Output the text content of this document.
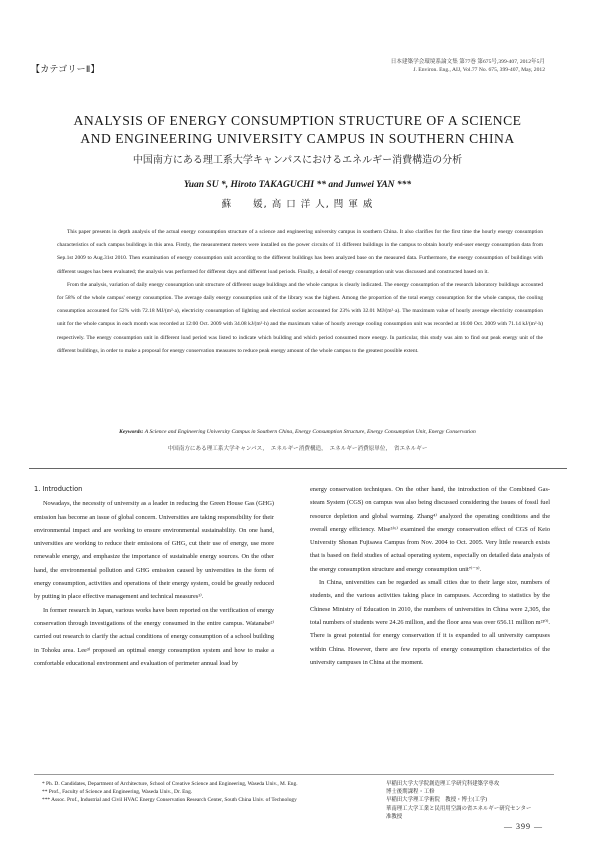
【カテゴリーⅡ】
日本建築学会環境系論文集 第77巻 第675号,399-407, 2012年5月
J. Environ. Eng., AIJ, Vol.77 No. 675, 399-407, May, 2012
ANALYSIS OF ENERGY CONSUMPTION STRUCTURE OF A SCIENCE
AND ENGINEERING UNIVERSITY CAMPUS IN SOUTHERN CHINA
中国南方にある理工系大学キャンパスにおけるエネルギー消費構造の分析
Yuan SU *, Hiroto TAKAGUCHI ** and Junwei YAN ***
蘇　　媛, 高 口 洋 人, 閆 軍 威

This paper presents in depth analysis of the actual energy consumption structure of a science and engineering university campus in southern China. It also clarifies for the first time the hourly energy consumption characteristics of such campus buildings in this area. Firstly, the measurement meters were installed on the power circuits of 11 different buildings in the campus to obtain hourly end-user energy consumption data from Sep.1st 2009 to Aug.31st 2010. Then examination of energy consumption unit according to the different buildings has been analyzed base on the measured data. Furthermore, the energy consumption of buildings with different usages has been evaluated; the analysis was performed for different days and different load periods. Finally, a detail of energy consumption unit was discussed and constructed based on it.

From the analysis, variation of daily energy consumption unit structure of different usage buildings and the whole campus is clearly indicated. The energy consumption of the research laboratory buildings accounted for 58% of the whole campus' energy consumption. The average daily energy consumption unit of the library was the highest. Among the proportion of the total energy consumption for the whole campus, the cooling consumption accounted for 52% with 72.18 MJ/(m²·a), electricity consumption of lighting and electrical socket accounted for 23% with 32.01 MJ/(m²·a). The maximum value of hourly average electricity consumption unit for the whole campus in each month was recorded at 12:00 Oct. 2009 with 34.08 kJ/(m²·h) and the maximum value of hourly average cooling consumption unit was recorded at 16:00 Oct. 2009 with 71.14 kJ/(m²·h) respectively. The energy consumption unit in different load period was listed to indicate which building and which period consumed more energy. In particular, this study was aim to find out peak energy unit of the different buildings, in order to make a proposal for energy conservation measures to reduce peak energy amount of the whole campus to the greatest possible extent.

Keywords: A Science and Engineering University Campus in Southern China, Energy Consumption Structure, Energy Consumption Unit, Energy Conservation
中国南方にある理工系大学キャンパス，　エネルギー消費構造，　エネルギー消費原単位，　省エネルギー
1. Introduction

Nowadays, the necessity of university as a leader in reducing the Green House Gas (GHG) emission has become an issue of global concern. Universities are taking responsibility for their environmental impact and are working to ensure environmental sustainability. On one hand, universities are working to reduce their emissions of GHG, cut their use of energy, use more renewable energy, and emphasize the importance of sustainable energy sources. On the other hand, the environmental pollution and GHG emission caused by universities in the form of energy consumption, activities and operations of their energy system, could be greatly reduced by putting in place effective management and technical measures¹⁾.

In former research in Japan, various works have been reported on the verification of energy conservation through investigations of the energy consumed in the entire campus. Watanabe²⁾ carried out research to clarify the actual conditions of energy consumption of a school building in Tohoku area. Lee³⁾ proposed an optimal energy consumption system and how to make a comfortable educational environment and evaluation of perimeter annual load by

energy conservation techniques. On the other hand, the introduction of the Combined Gas-steam System (CGS) on campus was also being discussed considering the issues of fossil fuel resource depletion and global warming. Zhang⁴⁾ analyzed the operating conditions and the overall energy efficiency. Mise⁵⁾⁶⁾ examined the energy conservation effect of CGS of Keio University Shonan Fujisawa Campus from Nov. 2004 to Oct. 2005. Very little research exists that is based on field studies of actual operating system, especially on detailed data analysis of the energy consumption structure and energy consumption unit⁷⁾⁻⁹⁾.

In China, universities can be regarded as small cities due to their large size, numbers of students, and the various activities taking place in campuses. According to statistics by the Chinese Ministry of Education in 2010, the numbers of universities in China were 2,305, the total numbers of students were 24.26 million, and the floor area was over 656.11 million m²¹⁰⁾. There is great potential for energy conservation if it is expanded to all university campuses within China. However, there are few reports of energy consumption characteristics of the university campuses in China at the moment.

* Ph. D. Candidates, Department of Architecture, School of Creative Science and Engineering, Waseda Univ., M. Eng.
** Prof., Faculty of Science and Engineering, Waseda Univ., Dr. Eng.
*** Assoc. Prof., Industrial and Civil HVAC Energy Conservation Research Center, South China Univ. of Technology
早稲田大学大学院創造理工学研究科建築学専攻
博士後期課程・工修
早稲田大学理工学術院　教授・博士(工学)
華南理工大学工業と民用用空調の省エネルギー研究センター
准教授
― 399 ―
